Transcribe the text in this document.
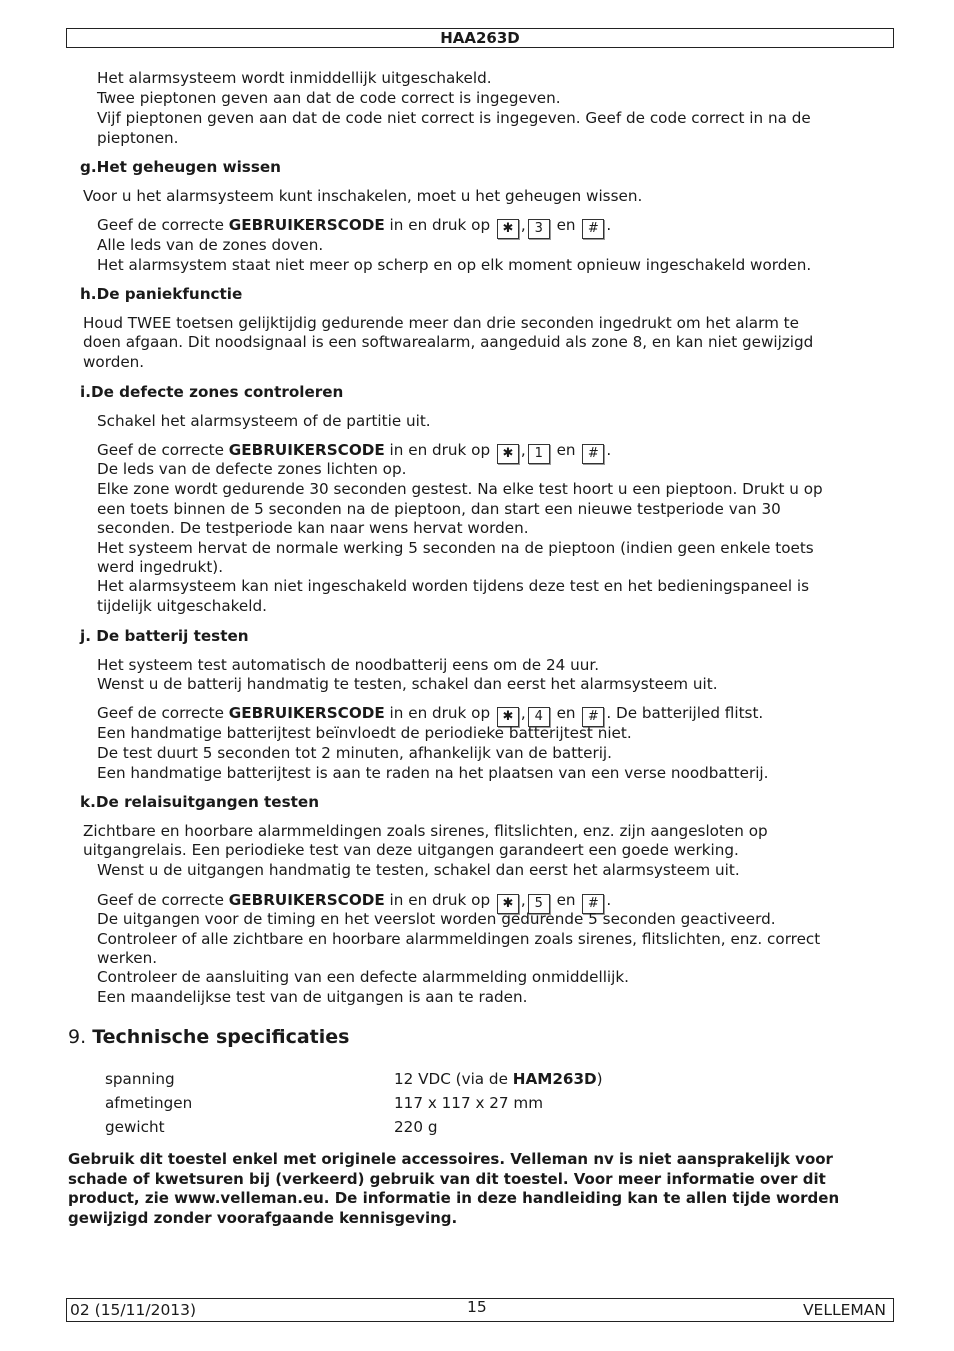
HAA263D
Het alarmsysteem wordt inmiddellijk uitgeschakeld.
Twee pieptonen geven aan dat de code correct is ingegeven.
Vijf pieptonen geven aan dat de code niet correct is ingegeven. Geef de code correct in na de
pieptonen.
g.Het geheugen wissen
Voor u het alarmsysteem kunt inschakelen, moet u het geheugen wissen.
Geef de correcte GEBRUIKERSCODE in en druk op ✱ , 3 en # .
Alle leds van de zones doven.
Het alarmsystem staat niet meer op scherp en op elk moment opnieuw ingeschakeld worden.
h.De paniekfunctie
Houd TWEE toetsen gelijktijdig gedurende meer dan drie seconden ingedrukt om het alarm te
doen afgaan. Dit noodsignaal is een softwarealarm, aangeduid als zone 8, en kan niet gewijzigd
worden.
i.De defecte zones controleren
Schakel het alarmsysteem of de partitie uit.
Geef de correcte GEBRUIKERSCODE in en druk op ✱ , 1 en # .
De leds van de defecte zones lichten op.
Elke zone wordt gedurende 30 seconden gestest. Na elke test hoort u een pieptoon. Drukt u op
een toets binnen de 5 seconden na de pieptoon, dan start een nieuwe testperiode van 30
seconden. De testperiode kan naar wens hervat worden.
Het systeem hervat de normale werking 5 seconden na de pieptoon (indien geen enkele toets
werd ingedrukt).
Het alarmsysteem kan niet ingeschakeld worden tijdens deze test en het bedieningspaneel is
tijdelijk uitgeschakeld.
j. De batterij testen
Het systeem test automatisch de noodbatterij eens om de 24 uur.
Wenst u de batterij handmatig te testen, schakel dan eerst het alarmsysteem uit.
Geef de correcte GEBRUIKERSCODE in en druk op ✱ , 4 en # . De batterijled flitst.
Een handmatige batterijtest beïnvloedt de periodieke batterijtest niet.
De test duurt 5 seconden tot 2 minuten, afhankelijk van de batterij.
Een handmatige batterijtest is aan te raden na het plaatsen van een verse noodbatterij.
k.De relaisuitgangen testen
Zichtbare en hoorbare alarmmeldingen zoals sirenes, flitslichten, enz. zijn aangesloten op
uitgangrelais. Een periodieke test van deze uitgangen garandeert een goede werking.
Wenst u de uitgangen handmatig te testen, schakel dan eerst het alarmsysteem uit.
Geef de correcte GEBRUIKERSCODE in en druk op ✱ , 5 en # .
De uitgangen voor de timing en het veerslot worden gedurende 5 seconden geactiveerd.
Controleer of alle zichtbare en hoorbare alarmmeldingen zoals sirenes, flitslichten, enz. correct
werken.
Controleer de aansluiting van een defecte alarmmelding onmiddellijk.
Een maandelijkse test van de uitgangen is aan te raden.
9. Technische specificaties
spanning	12 VDC (via de HAM263D)
afmetingen	117 x 117 x 27 mm
gewicht	220 g
Gebruik dit toestel enkel met originele accessoires. Velleman nv is niet aansprakelijk voor schade of kwetsuren bij (verkeerd) gebruik van dit toestel. Voor meer informatie over dit product, zie www.velleman.eu. De informatie in deze handleiding kan te allen tijde worden gewijzigd zonder voorafgaande kennisgeving.
02 (15/11/2013)	15	VELLEMAN
